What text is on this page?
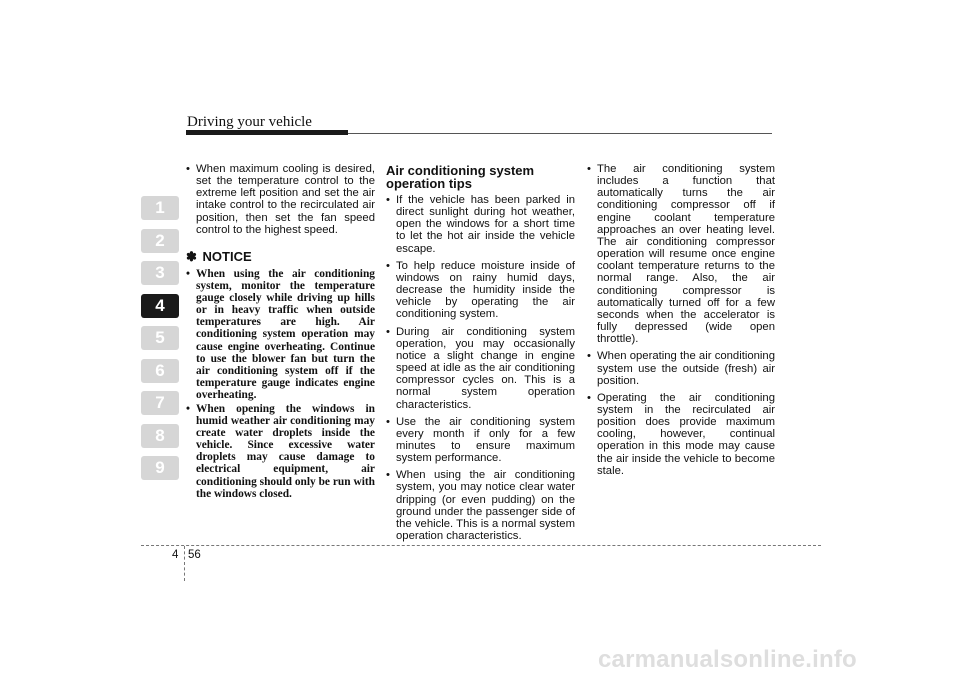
Driving your vehicle
1
2
3
4
5
6
7
8
9
• When maximum cooling is desired, set the temperature control to the extreme left position and set the air intake control to the recirculated air position, then set the fan speed control to the highest speed.
✽ NOTICE
• When using the air conditioning system, monitor the temperature gauge closely while driving up hills or in heavy traffic when outside temperatures are high. Air conditioning system operation may cause engine overheating. Continue to use the blower fan but turn the air conditioning system off if the temperature gauge indicates engine overheating.
• When opening the windows in humid weather air conditioning may create water droplets inside the vehicle. Since excessive water droplets may cause damage to electrical equipment, air conditioning should only be run with the windows closed.
Air conditioning system operation tips
• If the vehicle has been parked in direct sunlight during hot weather, open the windows for a short time to let the hot air inside the vehicle escape.
• To help reduce moisture inside of windows on rainy humid days, decrease the humidity inside the vehicle by operating the air conditioning system.
• During air conditioning system operation, you may occasionally notice a slight change in engine speed at idle as the air conditioning compressor cycles on. This is a normal system operation characteristics.
• Use the air conditioning system every month if only for a few minutes to ensure maximum system performance.
• When using the air conditioning system, you may notice clear water dripping (or even pudding) on the ground under the passenger side of the vehicle. This is a normal system operation characteristics.
• The air conditioning system includes a function that automatically turns the air conditioning compressor off if engine coolant temperature approaches an over heating level. The air conditioning compressor operation will resume once engine coolant temperature returns to the normal range. Also, the air conditioning compressor is automatically turned off for a few seconds when the accelerator is fully depressed (wide open throttle).
• When operating the air conditioning system use the outside (fresh) air position.
• Operating the air conditioning system in the recirculated air position does provide maximum cooling, however, continual operation in this mode may cause the air inside the vehicle to become stale.
4 56
carmanualsonline.info
